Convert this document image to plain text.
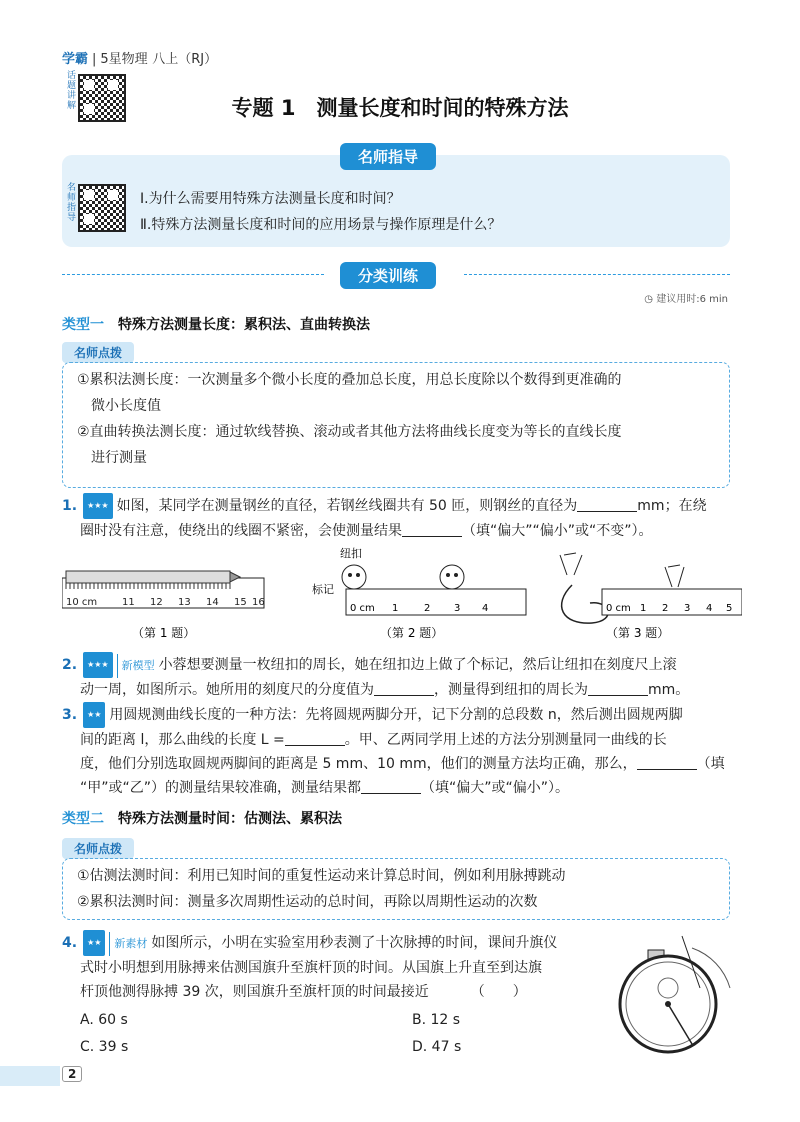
学霸 | 5星物理 八上（RJ）
话题讲解	专题 1　测量长度和时间的特殊方法
名师指导
名师指导	Ⅰ.为什么需要用特殊方法测量长度和时间？
Ⅱ.特殊方法测量长度和时间的应用场景与操作原理是什么？
分类训练
◷ 建议用时:6 min
类型一 特殊方法测量长度：累积法、直曲转换法
名师点拨
①累积法测长度：一次测量多个微小长度的叠加总长度，用总长度除以个数得到更准确的
微小长度值
②直曲转换法测长度：通过软线替换、滚动或者其他方法将曲线长度变为等长的直线长度
进行测量
1. ★★★ 如图，某同学在测量钢丝的直径，若钢丝线圈共有 50 匝，则钢丝的直径为	mm；在绕
圈时没有注意，使绕出的线圈不紧密，会使测量结果	（填“偏大”“偏小”或“不变”）。
10 cm 11 12 13 14 15 16
（第 1 题）
纽扣
标记
0 cm 1	2 3 4
（第 2 题）
0 cm 1 2 3 4 5
（第 3 题）
2. ★★★ 新模型 小蓉想要测量一枚纽扣的周长，她在纽扣边上做了个标记，然后让纽扣在刻度尺上滚
动一周，如图所示。她所用的刻度尺的分度值为	，测量得到纽扣的周长为	mm。
3. ★★ 用圆规测曲线长度的一种方法：先将圆规两脚分开，记下分割的总段数 n，然后测出圆规两脚
间的距离 l，那么曲线的长度 L =	。甲、乙两同学用上述的方法分别测量同一曲线的长
度，他们分别选取圆规两脚间的距离是 5 mm、10 mm，他们的测量方法均正确，那么，	（填
“甲”或“乙”）的测量结果较准确，测量结果都	（填“偏大”或“偏小”）。
类型二 特殊方法测量时间：估测法、累积法
名师点拨
①估测法测时间：利用已知时间的重复性运动来计算总时间，例如利用脉搏跳动
②累积法测时间：测量多次周期性运动的总时间，再除以周期性运动的次数
4. ★★ 新素材 如图所示，小明在实验室用秒表测了十次脉搏的时间，课间升旗仪
式时小明想到用脉搏来估测国旗升至旗杆顶的时间。从国旗上升直至到达旗
杆顶他测得脉搏 39 次，则国旗升至旗杆顶的时间最接近	（　　）
A. 60 s	B. 12 s
C. 39 s	D. 47 s
2
